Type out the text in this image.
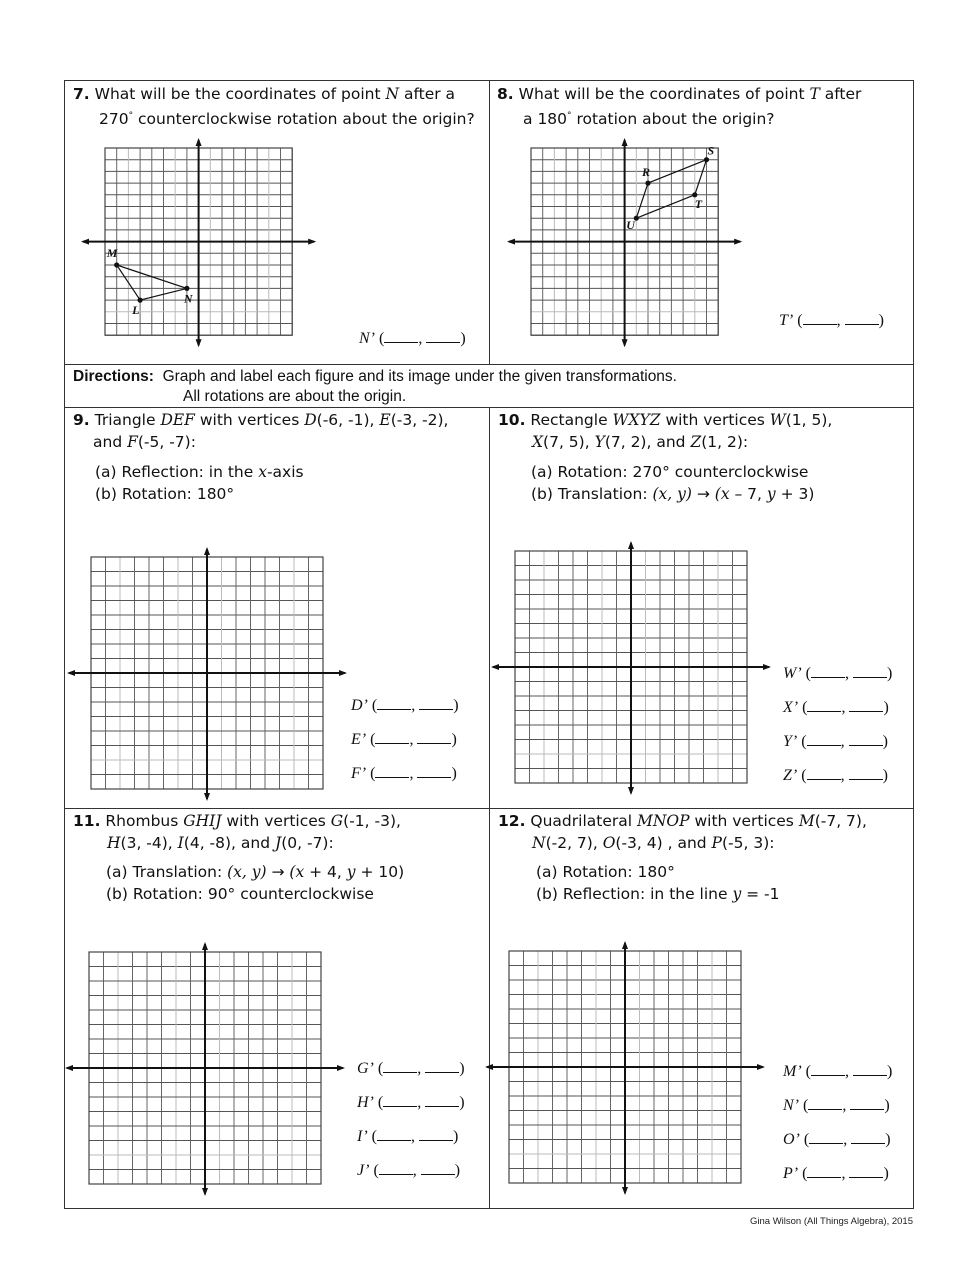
7. What will be the coordinates of point N after a
270° counterclockwise rotation about the origin?
M
N
L
N’ ( , )
8. What will be the coordinates of point T after
a 180° rotation about the origin?
R
S
T
U
T’ ( , )
Directions: Graph and label each figure and its image under the given transformations.
All rotations are about the origin.
9. Triangle DEF with vertices D(-6, -1), E(-3, -2),
and F(-5, -7):
(a) Reflection: in the x-axis
(b) Rotation: 180°
D’ ( , )
E’ ( , )
F’ ( , )
10. Rectangle WXYZ with vertices W(1, 5),
X(7, 5), Y(7, 2), and Z(1, 2):
(a) Rotation: 270° counterclockwise
(b) Translation: (x, y) → (x – 7, y + 3)
W’ ( , )
X’ ( , )
Y’ ( , )
Z’ ( , )
11. Rhombus GHIJ with vertices G(-1, -3),
H(3, -4), I(4, -8), and J(0, -7):
(a) Translation: (x, y) → (x + 4, y + 10)
(b) Rotation: 90° counterclockwise
G’ ( , )
H’ ( , )
I’ ( , )
J’ ( , )
12. Quadrilateral MNOP with vertices M(-7, 7),
N(-2, 7), O(-3, 4) , and P(-5, 3):
(a) Rotation: 180°
(b) Reflection: in the line y = -1
M’ ( , )
N’ ( , )
O’ ( , )
P’ ( , )
Gina Wilson (All Things Algebra), 2015
